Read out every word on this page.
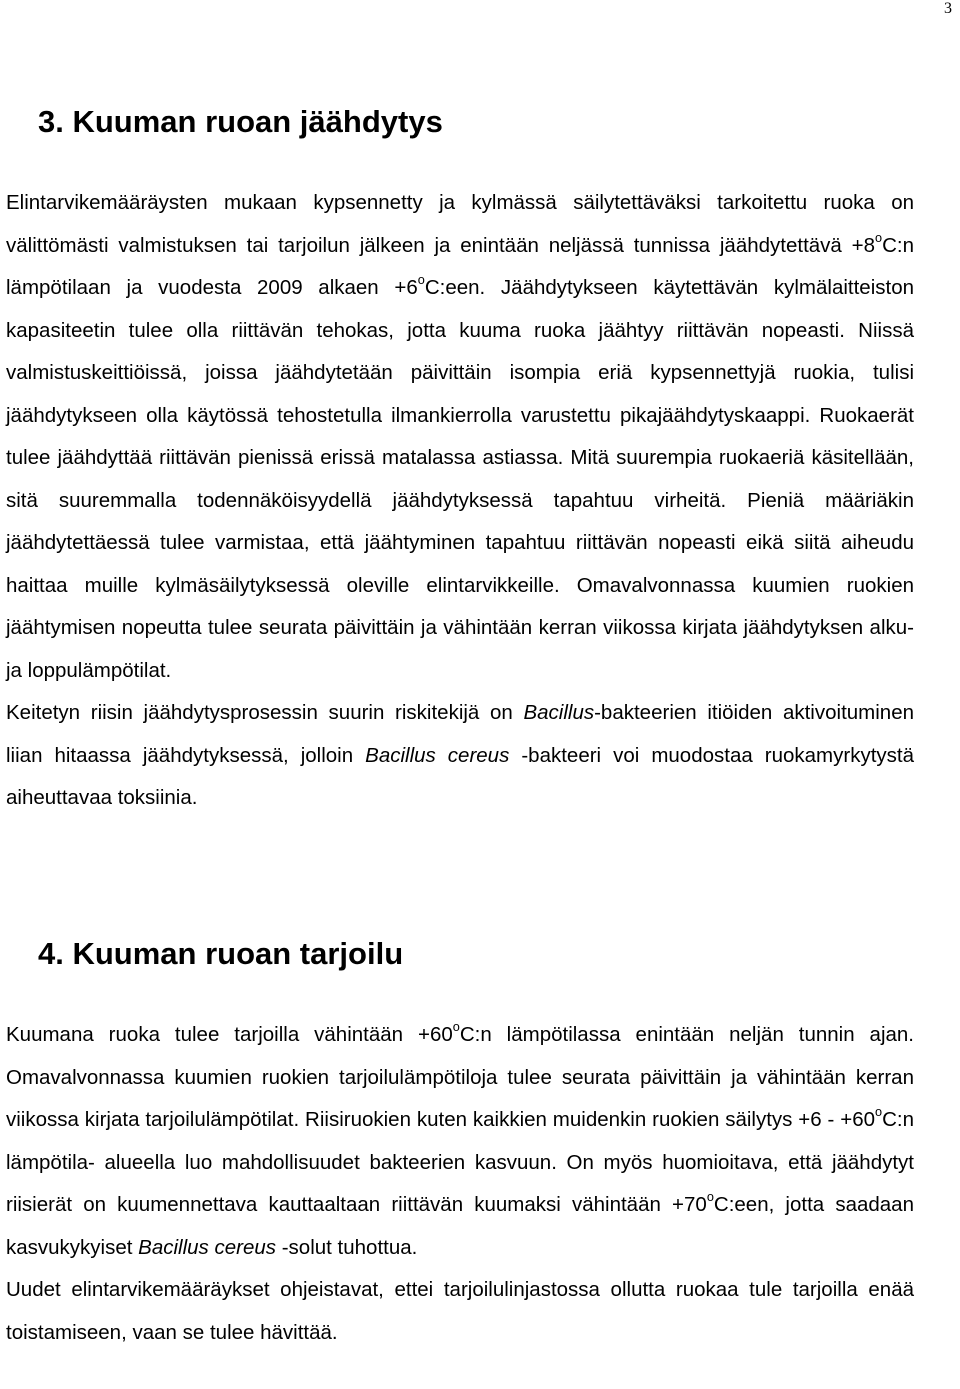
3
3. Kuuman ruoan jäähdytys

Elintarvikemääräysten mukaan kypsennetty ja kylmässä säilytettäväksi tarkoitettu ruoka on välittömästi valmistuksen tai tarjoilun jälkeen ja enintään neljässä tunnissa jäähdytettävä $+8^oC:n$ lämpötilaan ja vuodesta 2009 alkaen $+6^oC:een$. Jäähdytykseen käytettävän kylmälaitteiston kapasiteetin tulee olla riittävän tehokas, jotta kuuma ruoka jäähtyy riittävän nopeasti. Niissä valmistuskeittiöissä, joissa jäähdytetään päivittäin isompia eriä kypsennettyjä ruokia, tulisi jäähdytykseen olla käytössä tehostetulla ilmankierrolla varustettu pikajäähdytyskaappi. Ruokaerät tulee jäähdyttää riittävän pienissä erissä matalassa astiassa. Mitä suurempia ruokaeriä käsitellään, sitä suuremmalla todennäköisyydellä jäähdytyksessä tapahtuu virheitä. Pieniä määriäkin jäähdytettäessä tulee varmistaa, että jäähtyminen tapahtuu riittävän nopeasti eikä siitä aiheudu haittaa muille kylmäsäilytyksessä oleville elintarvikkeille. Omavalvonnassa kuumien ruokien jäähtymisen nopeutta tulee seurata päivittäin ja vähintään kerran viikossa kirjata jäähdytyksen alku- ja loppulämpötilat.

Keitetyn riisin jäähdytysprosessin suurin riskitekijä on Bacillus-bakteerien itiöiden aktivoituminen liian hitaassa jäähdytyksessä, jolloin Bacillus cereus -bakteeri voi muodostaa ruokamyrkytystä aiheuttavaa toksiinia.

4. Kuuman ruoan tarjoilu

Kuumana ruoka tulee tarjoilla vähintään $+60^oC:n$ lämpötilassa enintään neljän tunnin ajan. Omavalvonnassa kuumien ruokien tarjoilulämpötiloja tulee seurata päivittäin ja vähintään kerran viikossa kirjata tarjoilulämpötilat. Riisiruokien kuten kaikkien muidenkin ruokien säilytys $+6 - +60^oC:n$ lämpötila- alueella luo mahdollisuudet bakteerien kasvuun. On myös huomioitava, että jäähdytyt riisierät on kuumennettava kauttaaltaan riittävän kuumaksi vähintään $+70^oC:een$, jotta saadaan kasvukykyiset Bacillus cereus -solut tuhottua.

Uudet elintarvikemääräykset ohjeistavat, ettei tarjoilulinjastossa ollutta ruokaa tule tarjoilla enää toistamiseen, vaan se tulee hävittää.
